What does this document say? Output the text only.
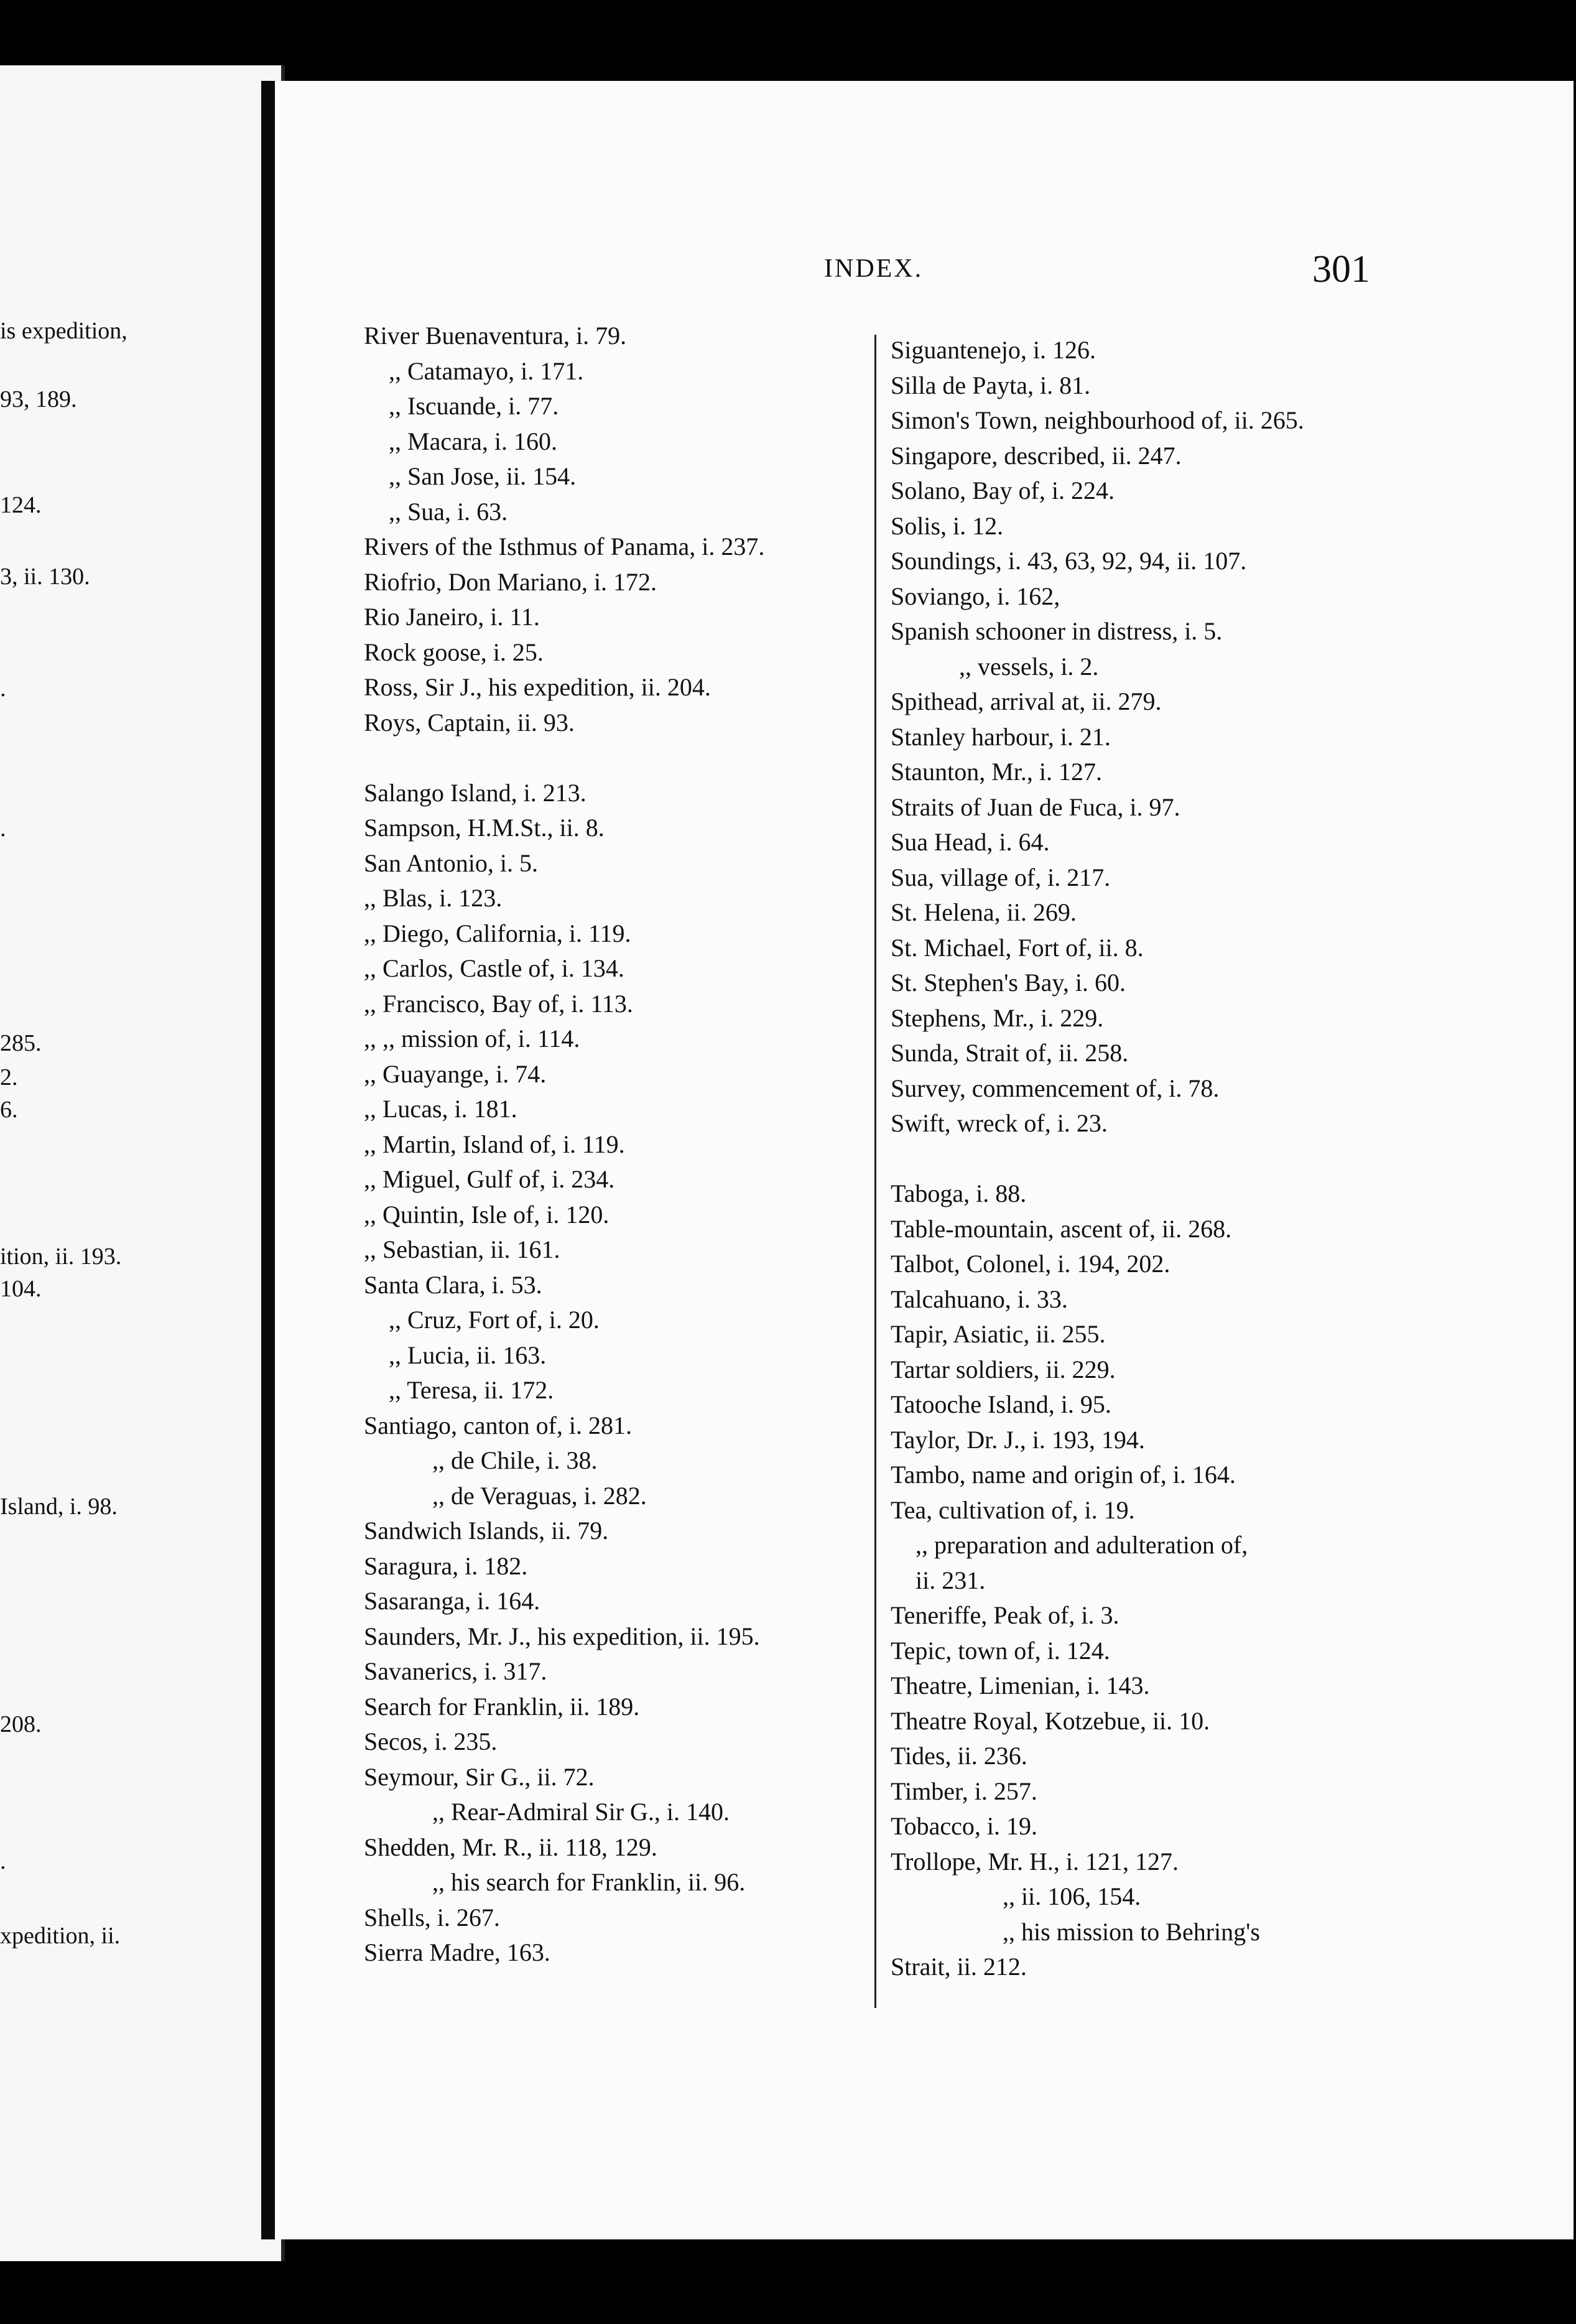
is expedition,
93, 189.
124.
3, ii. 130.
.
.
285.
2.
6.
ition, ii. 193.
104.
Island, i. 98.
208.
.
xpedition, ii.
INDEX.	301
River Buenaventura, i. 79.
,, Catamayo, i. 171.
,, Iscuande, i. 77.
,, Macara, i. 160.
,, San Jose, ii. 154.
,, Sua, i. 63.
Rivers of the Isthmus of Panama, i. 237.
Riofrio, Don Mariano, i. 172.
Rio Janeiro, i. 11.
Rock goose, i. 25.
Ross, Sir J., his expedition, ii. 204.
Roys, Captain, ii. 93.
Salango Island, i. 213.
Sampson, H.M.St., ii. 8.
San Antonio, i. 5.
,, Blas, i. 123.
,, Diego, California, i. 119.
,, Carlos, Castle of, i. 134.
,, Francisco, Bay of, i. 113.
,, ,, mission of, i. 114.
,, Guayange, i. 74.
,, Lucas, i. 181.
,, Martin, Island of, i. 119.
,, Miguel, Gulf of, i. 234.
,, Quintin, Isle of, i. 120.
,, Sebastian, ii. 161.
Santa Clara, i. 53.
,, Cruz, Fort of, i. 20.
,, Lucia, ii. 163.
,, Teresa, ii. 172.
Santiago, canton of, i. 281.
,, de Chile, i. 38.
,, de Veraguas, i. 282.
Sandwich Islands, ii. 79.
Saragura, i. 182.
Sasaranga, i. 164.
Saunders, Mr. J., his expedition, ii. 195.
Savanerics, i. 317.
Search for Franklin, ii. 189.
Secos, i. 235.
Seymour, Sir G., ii. 72.
,, Rear-Admiral Sir G., i. 140.
Shedden, Mr. R., ii. 118, 129.
,, his search for Franklin, ii. 96.
Shells, i. 267.
Sierra Madre, 163.
Siguantenejo, i. 126.
Silla de Payta, i. 81.
Simon's Town, neighbourhood of, ii. 265.
Singapore, described, ii. 247.
Solano, Bay of, i. 224.
Solis, i. 12.
Soundings, i. 43, 63, 92, 94, ii. 107.
Soviango, i. 162,
Spanish schooner in distress, i. 5.
,, vessels, i. 2.
Spithead, arrival at, ii. 279.
Stanley harbour, i. 21.
Staunton, Mr., i. 127.
Straits of Juan de Fuca, i. 97.
Sua Head, i. 64.
Sua, village of, i. 217.
St. Helena, ii. 269.
St. Michael, Fort of, ii. 8.
St. Stephen's Bay, i. 60.
Stephens, Mr., i. 229.
Sunda, Strait of, ii. 258.
Survey, commencement of, i. 78.
Swift, wreck of, i. 23.
Taboga, i. 88.
Table-mountain, ascent of, ii. 268.
Talbot, Colonel, i. 194, 202.
Talcahuano, i. 33.
Tapir, Asiatic, ii. 255.
Tartar soldiers, ii. 229.
Tatooche Island, i. 95.
Taylor, Dr. J., i. 193, 194.
Tambo, name and origin of, i. 164.
Tea, cultivation of, i. 19.
,, preparation and adulteration of,
ii. 231.
Teneriffe, Peak of, i. 3.
Tepic, town of, i. 124.
Theatre, Limenian, i. 143.
Theatre Royal, Kotzebue, ii. 10.
Tides, ii. 236.
Timber, i. 257.
Tobacco, i. 19.
Trollope, Mr. H., i. 121, 127.
,, ii. 106, 154.
,, his mission to Behring's
Strait, ii. 212.
